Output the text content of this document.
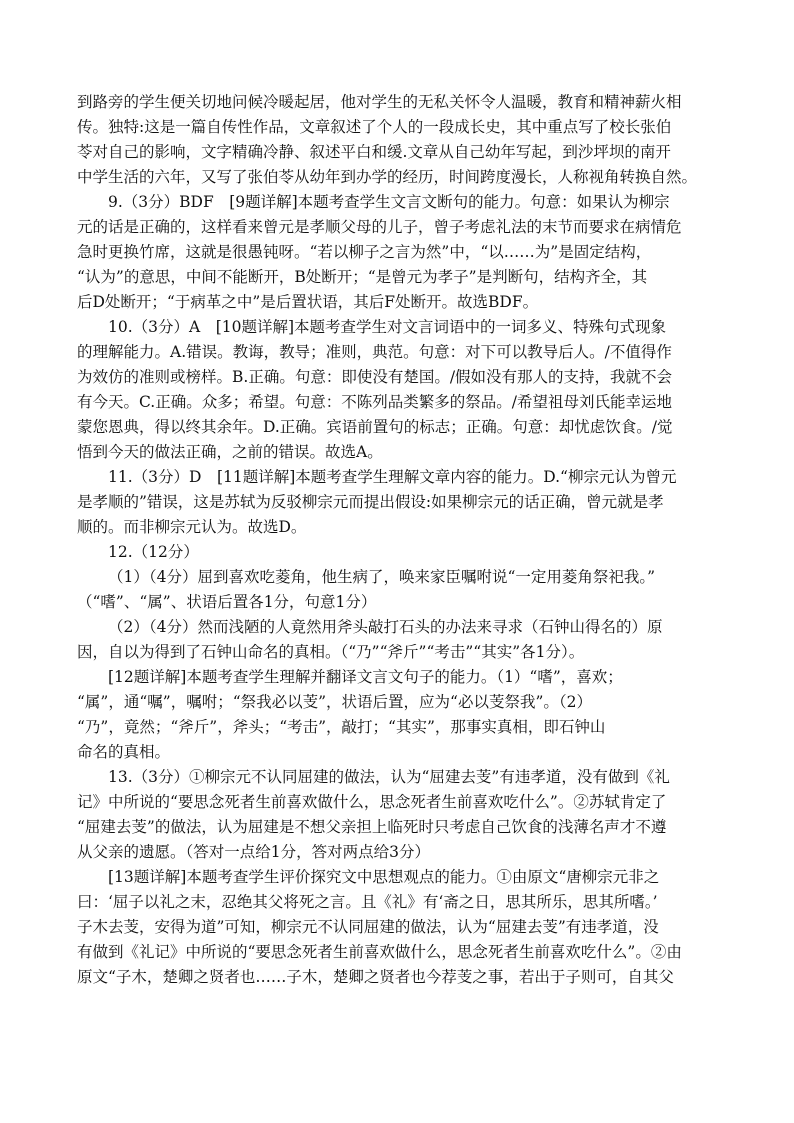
到路旁的学生便关切地问候冷暖起居，他对学生的无私关怀令人温暖，教育和精神薪火相
传。独特:这是一篇自传性作品，文章叙述了个人的一段成长史，其中重点写了校长张伯
苓对自己的影响，文字精确冷静、叙述平白和缓.文章从自己幼年写起，到沙坪坝的南开
中学生活的六年，又写了张伯苓从幼年到办学的经历，时间跨度漫长，人称视角转换自然。
9.（3分）BDF　[9题详解]本题考查学生文言文断句的能力。句意：如果认为柳宗
元的话是正确的，这样看来曾元是孝顺父母的儿子，曾子考虑礼法的末节而要求在病情危
急时更换竹席，这就是很愚钝呀。“若以柳子之言为然”中，“以……为”是固定结构，
“认为”的意思，中间不能断开，B处断开；“是曾元为孝子”是判断句，结构齐全，其
后D处断开；“于病革之中”是后置状语，其后F处断开。故选BDF。
10.（3分）A　[10题详解]本题考查学生对文言词语中的一词多义、特殊句式现象
的理解能力。A.错误。教诲，教导；准则，典范。句意：对下可以教导后人。/不值得作
为效仿的准则或榜样。B.正确。句意：即使没有楚国。/假如没有那人的支持，我就不会
有今天。C.正确。众多；希望。句意：不陈列品类繁多的祭品。/希望祖母刘氏能幸运地
蒙您恩典，得以终其余年。D.正确。宾语前置句的标志；正确。句意：却忧虑饮食。/觉
悟到今天的做法正确，之前的错误。故选A。
11.（3分）D　[11题详解]本题考查学生理解文章内容的能力。D.“柳宗元认为曾元
是孝顺的”错误，这是苏轼为反驳柳宗元而提出假设:如果柳宗元的话正确，曾元就是孝
顺的。而非柳宗元认为。故选D。
12.（12分）
（1）（4分）屈到喜欢吃菱角，他生病了，唤来家臣嘱咐说“一定用菱角祭祀我。”
（“嗜”、“属”、状语后置各1分，句意1分）
（2）（4分）然而浅陋的人竟然用斧头敲打石头的办法来寻求（石钟山得名的）原
因，自以为得到了石钟山命名的真相。（“乃”“斧斤”“考击”“其实”各1分）。
[12题详解]本题考查学生理解并翻译文言文句子的能力。（1）“嗜”，喜欢；
“属”，通“嘱”，嘱咐；“祭我必以芰”，状语后置，应为“必以芰祭我”。（2）
“乃”，竟然；“斧斤”，斧头；“考击”，敲打；“其实”，那事实真相，即石钟山
命名的真相。
13.（3分）①柳宗元不认同屈建的做法，认为“屈建去芰”有违孝道，没有做到《礼
记》中所说的“要思念死者生前喜欢做什么，思念死者生前喜欢吃什么”。②苏轼肯定了
“屈建去芰”的做法，认为屈建是不想父亲担上临死时只考虑自己饮食的浅薄名声才不遵
从父亲的遗愿。（答对一点给1分，答对两点给3分）
[13题详解]本题考查学生评价探究文中思想观点的能力。①由原文“唐柳宗元非之
曰：‘屈子以礼之末，忍绝其父将死之言。且《礼》有‘斋之日，思其所乐，思其所嗜。’
子木去芰，安得为道”可知，柳宗元不认同屈建的做法，认为“屈建去芰”有违孝道，没
有做到《礼记》中所说的“要思念死者生前喜欢做什么，思念死者生前喜欢吃什么”。②由
原文“子木，楚卿之贤者也……子木，楚卿之贤者也今荐芰之事，若出于子则可，自其父
